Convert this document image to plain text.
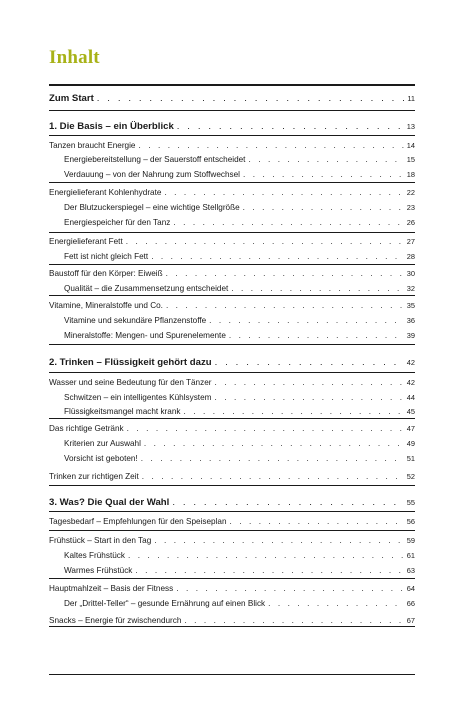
Inhalt
Zum Start . . .	11
1. Die Basis – ein Überblick . . .	13
Tanzen braucht Energie . . .	14
Energiebereitstellung – der Sauerstoff entscheidet . . .	15
Verdauung – von der Nahrung zum Stoffwechsel . . .	18
Energielieferant Kohlenhydrate . . .	22
Der Blutzuckerspiegel – eine wichtige Stellgröße . . .	23
Energiespeicher für den Tanz . . .	26
Energielieferant Fett . . .	27
Fett ist nicht gleich Fett . . .	28
Baustoff für den Körper: Eiweiß . . .	30
Qualität – die Zusammensetzung entscheidet . . .	32
Vitamine, Mineralstoffe und Co. . . .	35
Vitamine und sekundäre Pflanzenstoffe . . .	36
Mineralstoffe: Mengen- und Spurenelemente . . .	39
2. Trinken – Flüssigkeit gehört dazu . . .	42
Wasser und seine Bedeutung für den Tänzer . . .	42
Schwitzen – ein intelligentes Kühlsystem . . .	44
Flüssigkeitsmangel macht krank . . .	45
Das richtige Getränk . . .	47
Kriterien zur Auswahl . . .	49
Vorsicht ist geboten! . . .	51
Trinken zur richtigen Zeit . . .	52
3. Was? Die Qual der Wahl . . .	55
Tagesbedarf – Empfehlungen für den Speiseplan . . .	56
Frühstück – Start in den Tag . . .	59
Kaltes Frühstück . . .	61
Warmes Frühstück . . .	63
Hauptmahlzeit – Basis der Fitness . . .	64
Der „Drittel-Teller“ – gesunde Ernährung auf einen Blick . . .	66
Snacks – Energie für zwischendurch . . .	67
